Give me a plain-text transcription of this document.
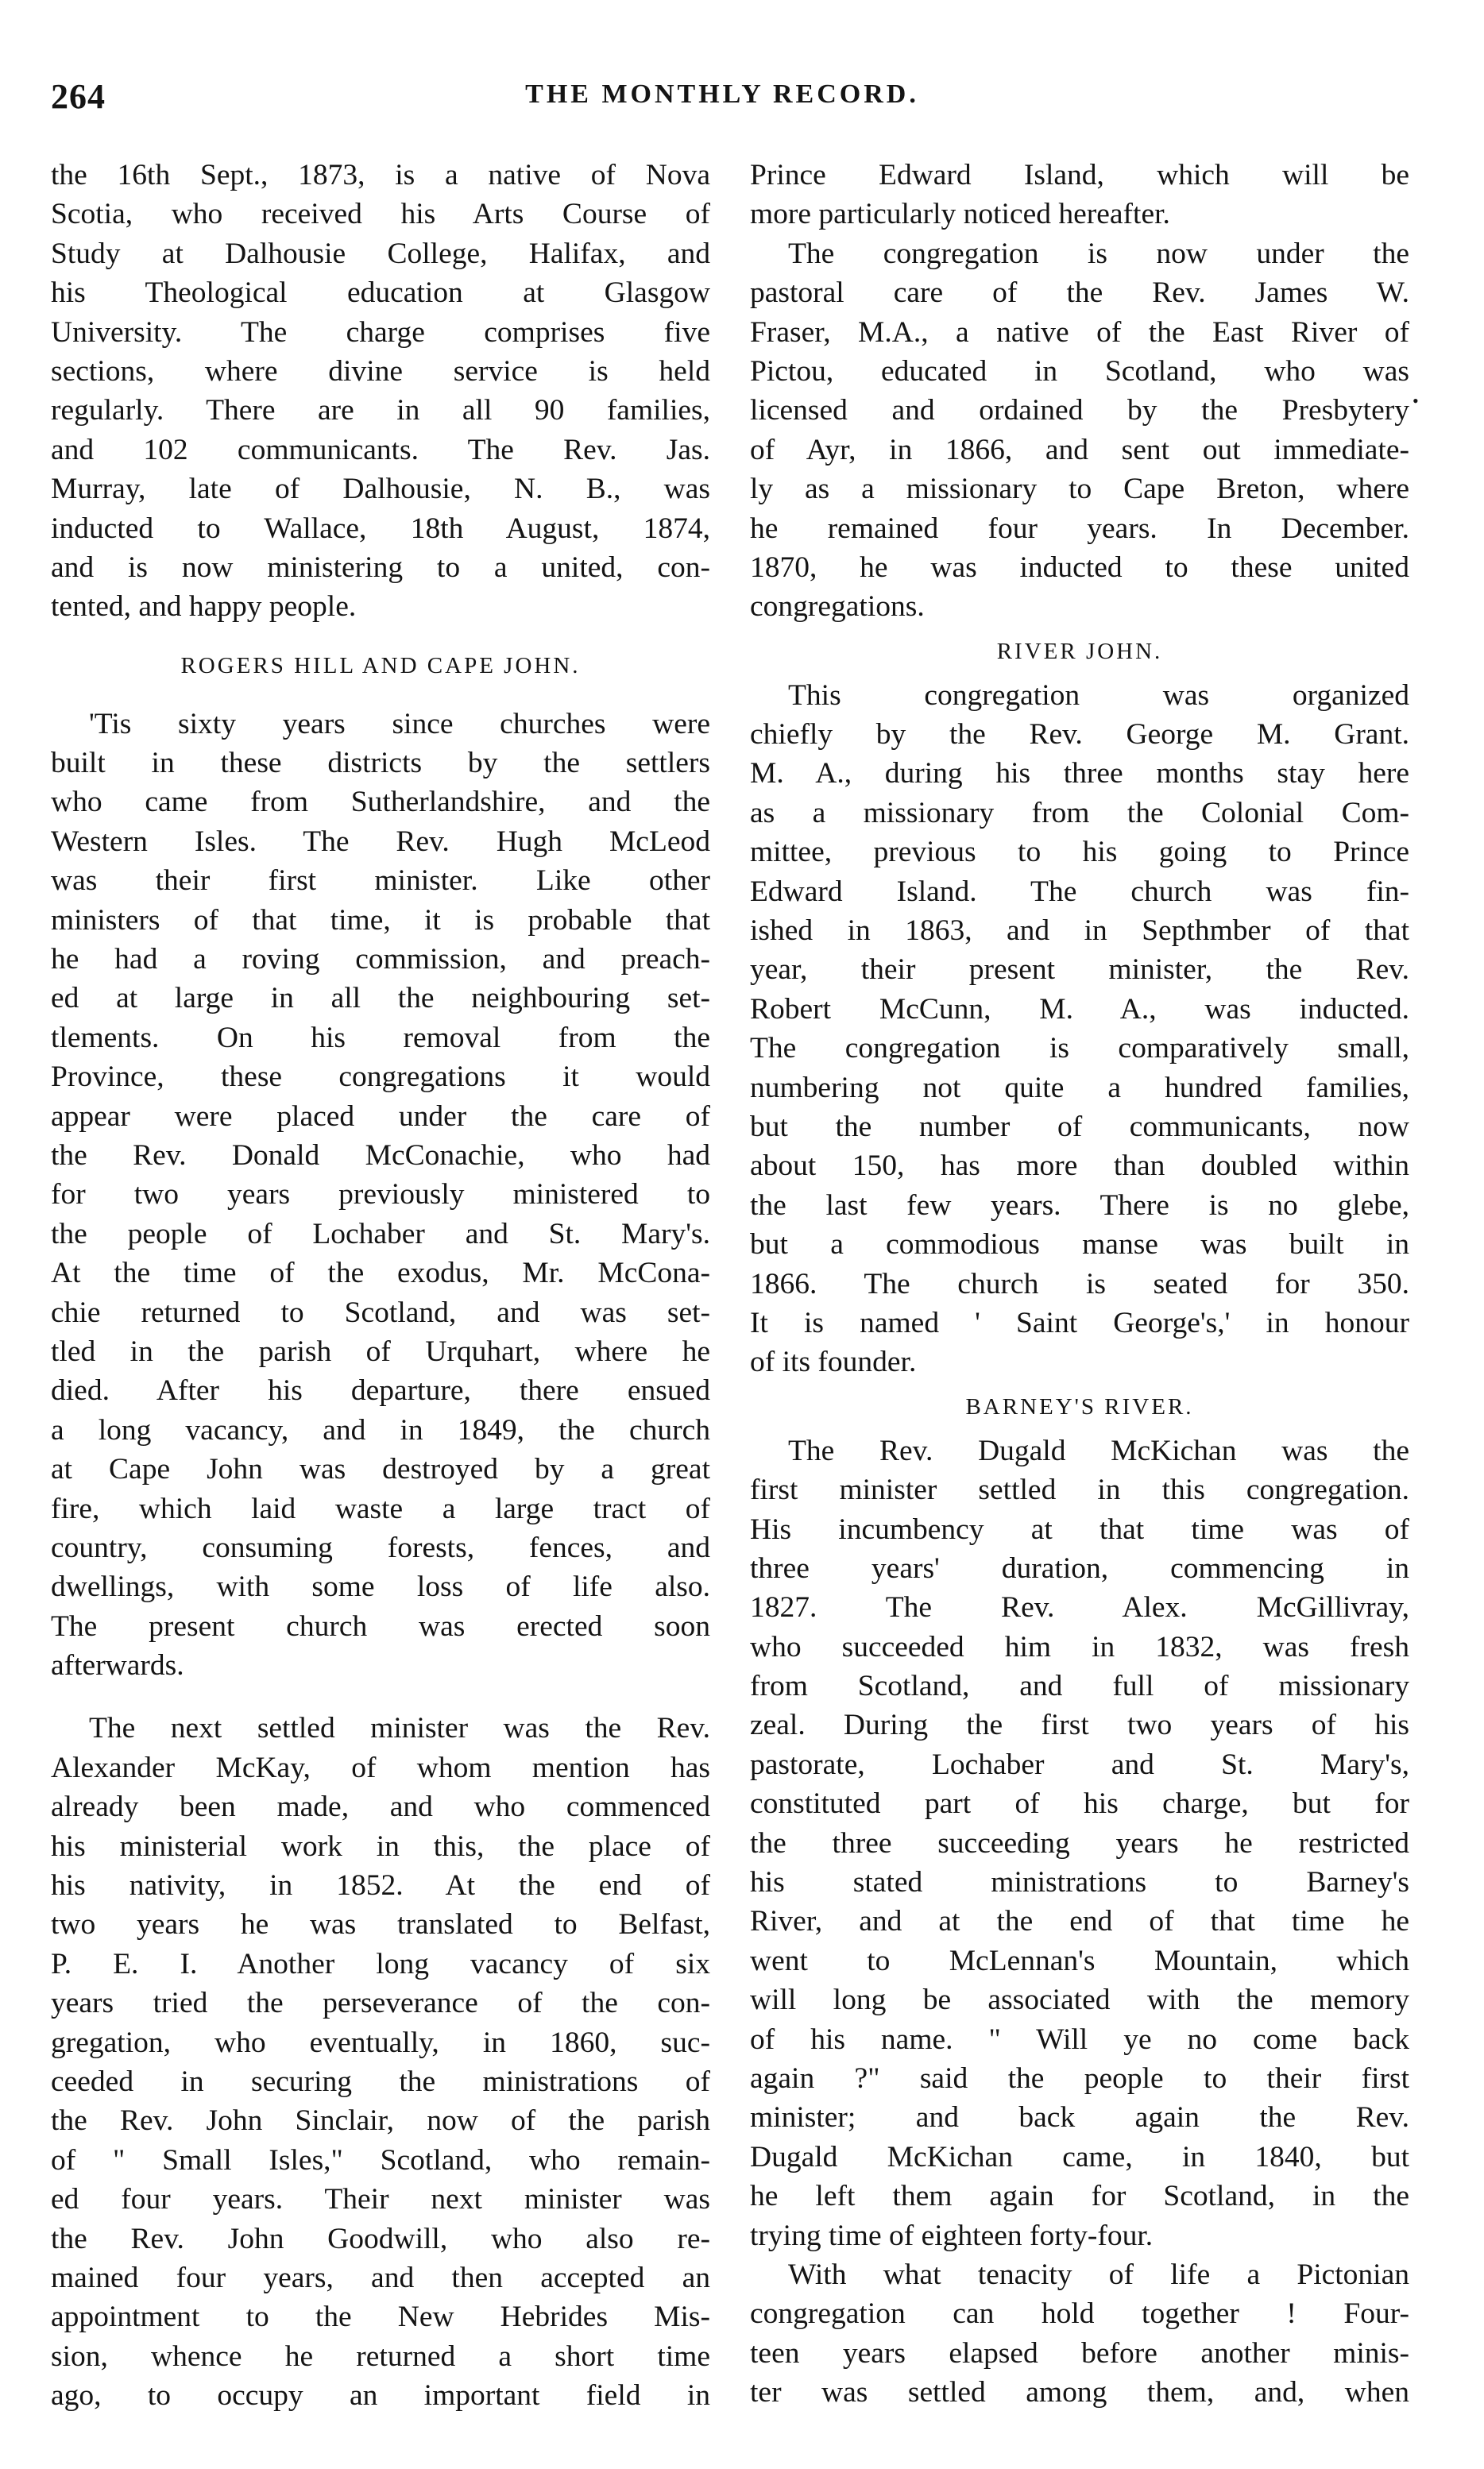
264	THE MONTHLY RECORD.
the 16th Sept., 1873, is a native of Nova
Scotia, who received his Arts Course of
Study at Dalhousie College, Halifax, and
his Theological education at Glasgow
University. The charge comprises five
sections, where divine service is held
regularly. There are in all 90 families,
and 102 communicants. The Rev. Jas.
Murray, late of Dalhousie, N. B., was
inducted to Wallace, 18th August, 1874,
and is now ministering to a united, con-
tented, and happy people.
ROGERS HILL AND CAPE JOHN.
'Tis sixty years since churches were
built in these districts by the settlers
who came from Sutherlandshire, and the
Western Isles. The Rev. Hugh McLeod
was their first minister. Like other
ministers of that time, it is probable that
he had a roving commission, and preach-
ed at large in all the neighbouring set-
tlements. On his removal from the
Province, these congregations it would
appear were placed under the care of
the Rev. Donald McConachie, who had
for two years previously ministered to
the people of Lochaber and St. Mary's.
At the time of the exodus, Mr. McCona-
chie returned to Scotland, and was set-
tled in the parish of Urquhart, where he
died. After his departure, there ensued
a long vacancy, and in 1849, the church
at Cape John was destroyed by a great
fire, which laid waste a large tract of
country, consuming forests, fences, and
dwellings, with some loss of life also.
The present church was erected soon
afterwards.
The next settled minister was the Rev.
Alexander McKay, of whom mention has
already been made, and who commenced
his ministerial work in this, the place of
his nativity, in 1852. At the end of
two years he was translated to Belfast,
P. E. I. Another long vacancy of six
years tried the perseverance of the con-
gregation, who eventually, in 1860, suc-
ceeded in securing the ministrations of
the Rev. John Sinclair, now of the parish
of " Small Isles," Scotland, who remain-
ed four years. Their next minister was
the Rev. John Goodwill, who also re-
mained four years, and then accepted an
appointment to the New Hebrides Mis-
sion, whence he returned a short time
ago, to occupy an important field in
Prince Edward Island, which will be
more particularly noticed hereafter.
The congregation is now under the
pastoral care of the Rev. James W.
Fraser, M.A., a native of the East River of
Pictou, educated in Scotland, who was
licensed and ordained by the Presbytery
of Ayr, in 1866, and sent out immediate-
ly as a missionary to Cape Breton, where
he remained four years. In December.
1870, he was inducted to these united
congregations.
RIVER JOHN.
This congregation was organized
chiefly by the Rev. George M. Grant.
M. A., during his three months stay here
as a missionary from the Colonial Com-
mittee, previous to his going to Prince
Edward Island. The church was fin-
ished in 1863, and in Septhmber of that
year, their present minister, the Rev.
Robert McCunn, M. A., was inducted.
The congregation is comparatively small,
numbering not quite a hundred families,
but the number of communicants, now
about 150, has more than doubled within
the last few years. There is no glebe,
but a commodious manse was built in
1866. The church is seated for 350.
It is named ' Saint George's,' in honour
of its founder.
BARNEY'S RIVER.
The Rev. Dugald McKichan was the
first minister settled in this congregation.
His incumbency at that time was of
three years' duration, commencing in
1827. The Rev. Alex. McGillivray,
who succeeded him in 1832, was fresh
from Scotland, and full of missionary
zeal. During the first two years of his
pastorate, Lochaber and St. Mary's,
constituted part of his charge, but for
the three succeeding years he restricted
his stated ministrations to Barney's
River, and at the end of that time he
went to McLennan's Mountain, which
will long be associated with the memory
of his name. " Will ye no come back
again ?" said the people to their first
minister; and back again the Rev.
Dugald McKichan came, in 1840, but
he left them again for Scotland, in the
trying time of eighteen forty-four.
With what tenacity of life a Pictonian
congregation can hold together ! Four-
teen years elapsed before another minis-
ter was settled among them, and, when
•
